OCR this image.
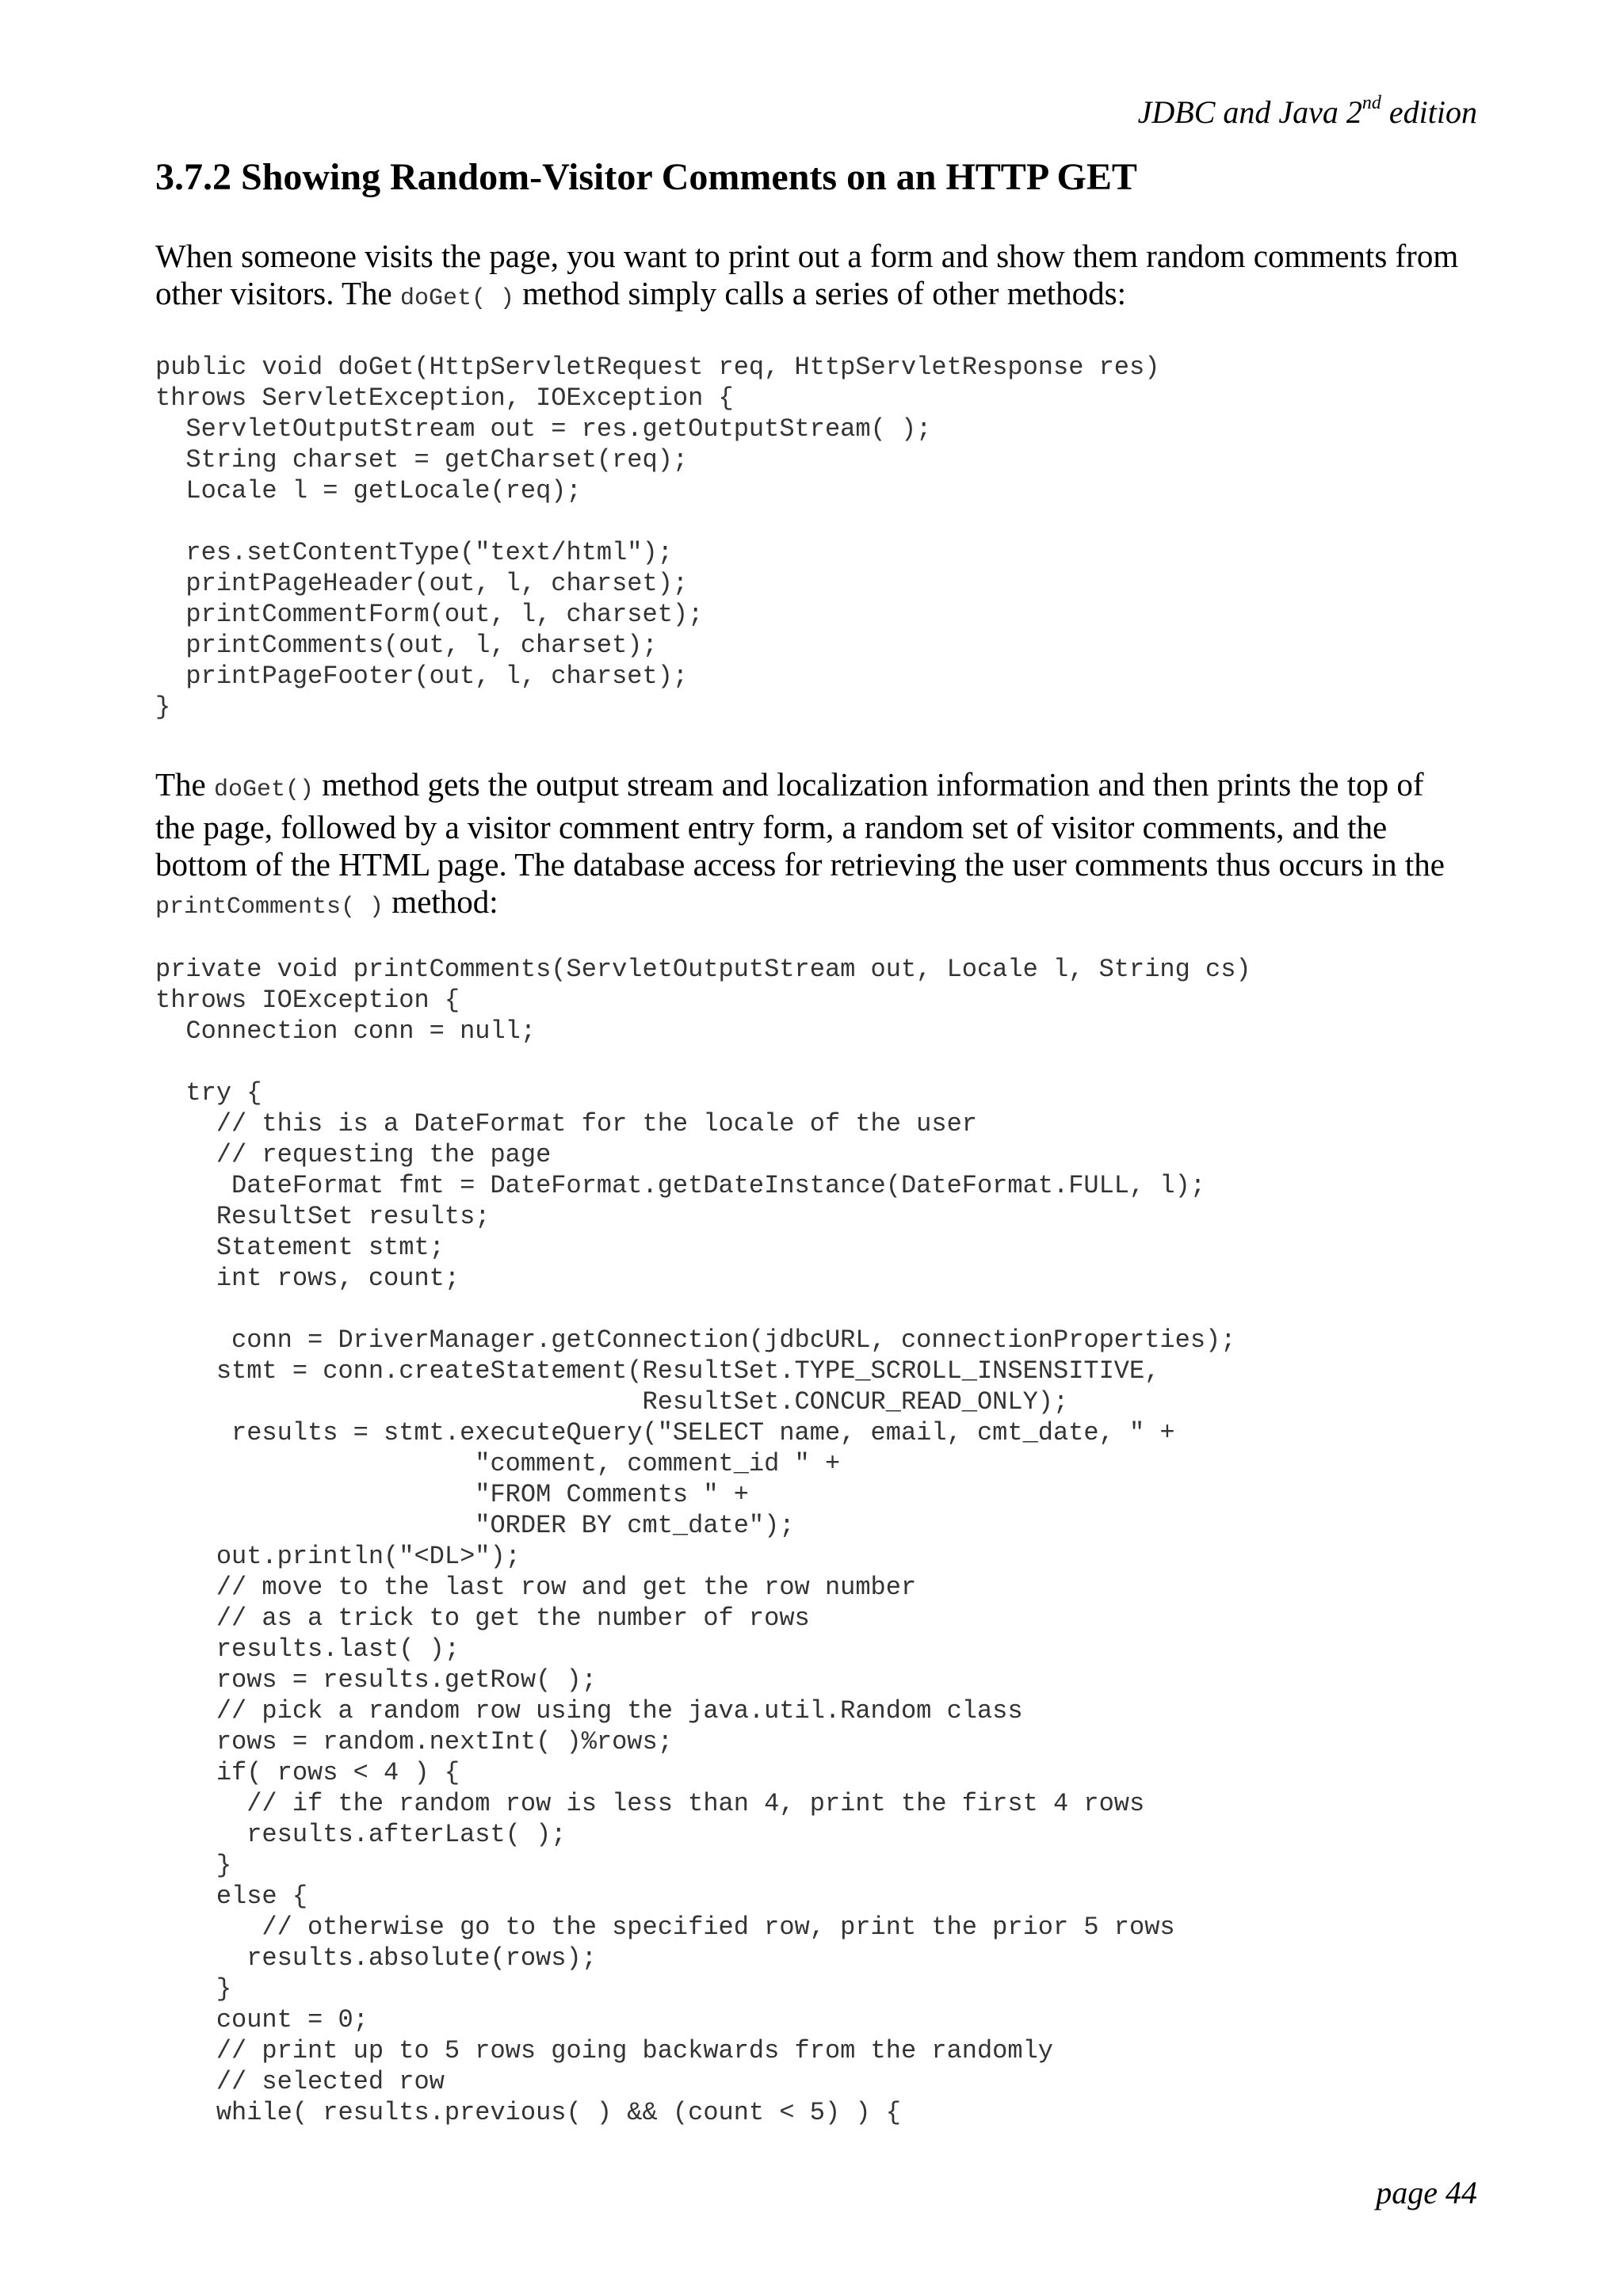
JDBC and Java 2nd edition
3.7.2 Showing Random-Visitor Comments on an HTTP GET
When someone visits the page, you want to print out a form and show them random comments from
other visitors. The doGet( ) method simply calls a series of other methods:
public void doGet(HttpServletRequest req, HttpServletResponse res)
throws ServletException, IOException {
ServletOutputStream out = res.getOutputStream( );
String charset = getCharset(req);
Locale l = getLocale(req);

res.setContentType("text/html");
printPageHeader(out, l, charset);
printCommentForm(out, l, charset);
printComments(out, l, charset);
printPageFooter(out, l, charset);
}
The doGet() method gets the output stream and localization information and then prints the top of
the page, followed by a visitor comment entry form, a random set of visitor comments, and the
bottom of the HTML page. The database access for retrieving the user comments thus occurs in the
printComments( ) method:
private void printComments(ServletOutputStream out, Locale l, String cs)
throws IOException {
Connection conn = null;

try {
// this is a DateFormat for the locale of the user
// requesting the page
DateFormat fmt = DateFormat.getDateInstance(DateFormat.FULL, l);
ResultSet results;
Statement stmt;
int rows, count;

conn = DriverManager.getConnection(jdbcURL, connectionProperties);
stmt = conn.createStatement(ResultSet.TYPE_SCROLL_INSENSITIVE,
ResultSet.CONCUR_READ_ONLY);
results = stmt.executeQuery("SELECT name, email, cmt_date, " +
"comment, comment_id " +
"FROM Comments " +
"ORDER BY cmt_date");
out.println("<DL>");
// move to the last row and get the row number
// as a trick to get the number of rows
results.last( );
rows = results.getRow( );
// pick a random row using the java.util.Random class
rows = random.nextInt( )%rows;
if( rows < 4 ) {
// if the random row is less than 4, print the first 4 rows
results.afterLast( );
}
else {
// otherwise go to the specified row, print the prior 5 rows
results.absolute(rows);
}
count = 0;
// print up to 5 rows going backwards from the randomly
// selected row
while( results.previous( ) && (count < 5) ) {
page 44
